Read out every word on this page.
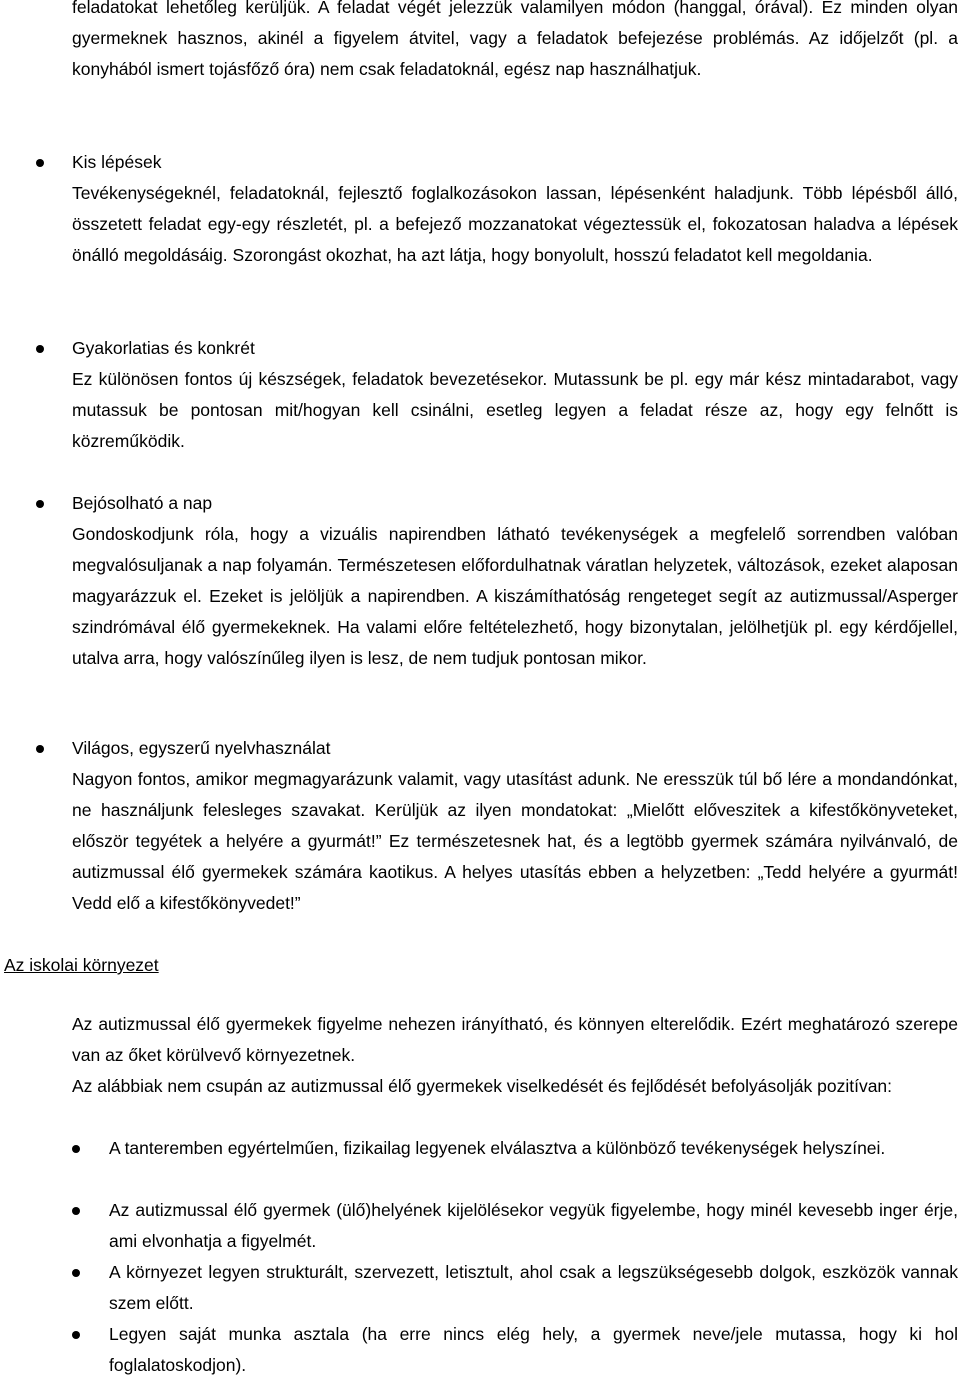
feladatokat lehetőleg kerüljük. A feladat végét jelezzük valamilyen módon (hanggal, órával). Ez minden olyan gyermeknek hasznos, akinél a figyelem átvitel, vagy a feladatok befejezése problémás. Az időjelzőt (pl. a konyhából ismert tojásfőző óra) nem csak feladatoknál, egész nap használhatjuk.

Kis lépések

Tevékenységeknél, feladatoknál, fejlesztő foglalkozásokon lassan, lépésenként haladjunk. Több lépésből álló, összetett feladat egy-egy részletét, pl. a befejező mozzanatokat végeztessük el, fokozatosan haladva a lépések önálló megoldásáig. Szorongást okozhat, ha azt látja, hogy bonyolult, hosszú feladatot kell megoldania.

Gyakorlatias és konkrét

Ez különösen fontos új készségek, feladatok bevezetésekor. Mutassunk be pl. egy már kész mintadarabot, vagy mutassuk be pontosan mit/hogyan kell csinálni, esetleg legyen a feladat része az, hogy egy felnőtt is közreműködik.

Bejósolható a nap

Gondoskodjunk róla, hogy a vizuális napirendben látható tevékenységek a megfelelő sorrendben valóban megvalósuljanak a nap folyamán. Természetesen előfordulhatnak váratlan helyzetek, változások, ezeket alaposan magyarázzuk el. Ezeket is jelöljük a napirendben. A kiszámíthatóság rengeteget segít az autizmussal/Asperger szindrómával élő gyermekeknek. Ha valami előre feltételezhető, hogy bizonytalan, jelölhetjük pl. egy kérdőjellel, utalva arra, hogy valószínűleg ilyen is lesz, de nem tudjuk pontosan mikor.

Világos, egyszerű nyelvhasználat

Nagyon fontos, amikor megmagyarázunk valamit, vagy utasítást adunk. Ne eresszük túl bő lére a mondandónkat, ne használjunk felesleges szavakat. Kerüljük az ilyen mondatokat: „Mielőtt előveszitek a kifestőkönyveteket, először tegyétek a helyére a gyurmát!” Ez természetesnek hat, és a legtöbb gyermek számára nyilvánvaló, de autizmussal élő gyermekek számára kaotikus. A helyes utasítás ebben a helyzetben: „Tedd helyére a gyurmát! Vedd elő a kifestőkönyvedet!”

Az iskolai környezet

Az autizmussal élő gyermekek figyelme nehezen irányítható, és könnyen elterelődik. Ezért meghatározó szerepe van az őket körülvevő környezetnek.

Az alábbiak nem csupán az autizmussal élő gyermekek viselkedését és fejlődését befolyásolják pozitívan:

A tanteremben egyértelműen, fizikailag legyenek elválasztva a különböző tevékenységek helyszínei.

Az autizmussal élő gyermek (ülő)helyének kijelölésekor vegyük figyelembe, hogy minél kevesebb inger érje, ami elvonhatja a figyelmét.

A környezet legyen strukturált, szervezett, letisztult, ahol csak a legszükségesebb dolgok, eszközök vannak szem előtt.

Legyen saját munka asztala (ha erre nincs elég hely, a gyermek neve/jele mutassa, hogy ki hol foglalatoskodjon).
